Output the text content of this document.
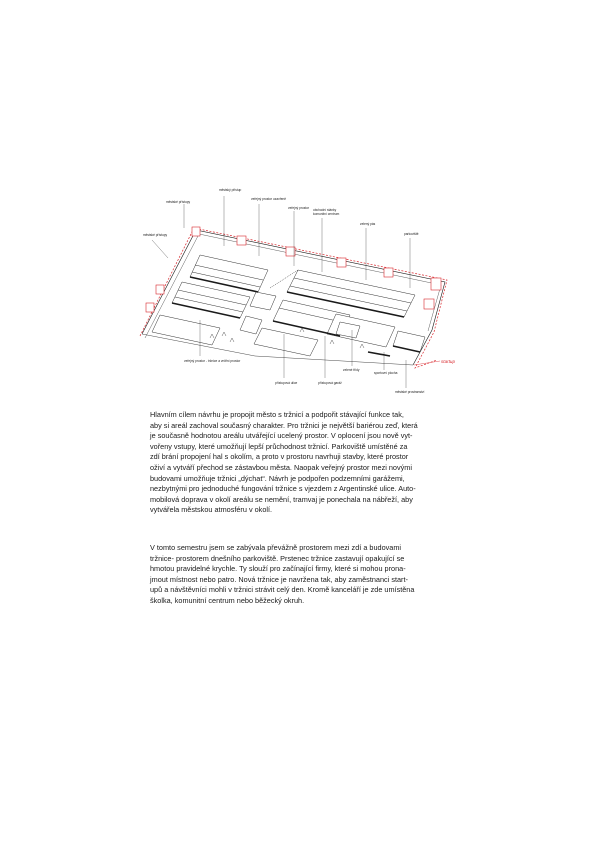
městské přístupy
městský přístup
veřejný prostor uzavřeně
veřejný prostor obchodní stánky
komunitní centrum
zelený pás
parkoviště
městské přístupy
veřejný prostor - tržnice a vnitřní prostor
přístupová ulice	přístupová garáž
zelené třídy
sportovní plocha
městské prostranství
startup
Hlavním cílem návrhu je propojit město s tržnicí a podpořit stávající funkce tak,
aby si areál zachoval současný charakter. Pro tržnici je největší bariérou zeď, která
je současně hodnotou areálu utvářející ucelený prostor. V oplocení jsou nově vyt-
vořeny vstupy, které umožňují lepší průchodnost tržnicí. Parkoviště umístěné za
zdí brání propojení hal s okolím, a proto v prostoru navrhuji stavby, které prostor
oživí a vytváří přechod se zástavbou města. Naopak veřejný prostor mezi novými
budovami umožňuje tržnici „dýchat“. Návrh je podpořen podzemními garážemi,
nezbytnými pro jednoduché fungování tržnice s vjezdem z Argentinské ulice. Auto-
mobilová doprava v okolí areálu se nemění, tramvaj je ponechala na nábřeží, aby
vytvářela městskou atmosféru v okolí.
V tomto semestru jsem se zabývala převážně prostorem mezi zdí a budovami
tržnice- prostorem dnešního parkoviště. Prstenec tržnice zastavují opakující se
hmotou pravidelné krychle. Ty slouží pro začínající firmy, které si mohou prona-
jmout místnost nebo patro. Nová tržnice je navržena tak, aby zaměstnanci start-
upů a návštěvníci mohli v tržnici strávit celý den. Kromě kanceláří je zde umístěna
školka, komunitní centrum nebo běžecký okruh.
